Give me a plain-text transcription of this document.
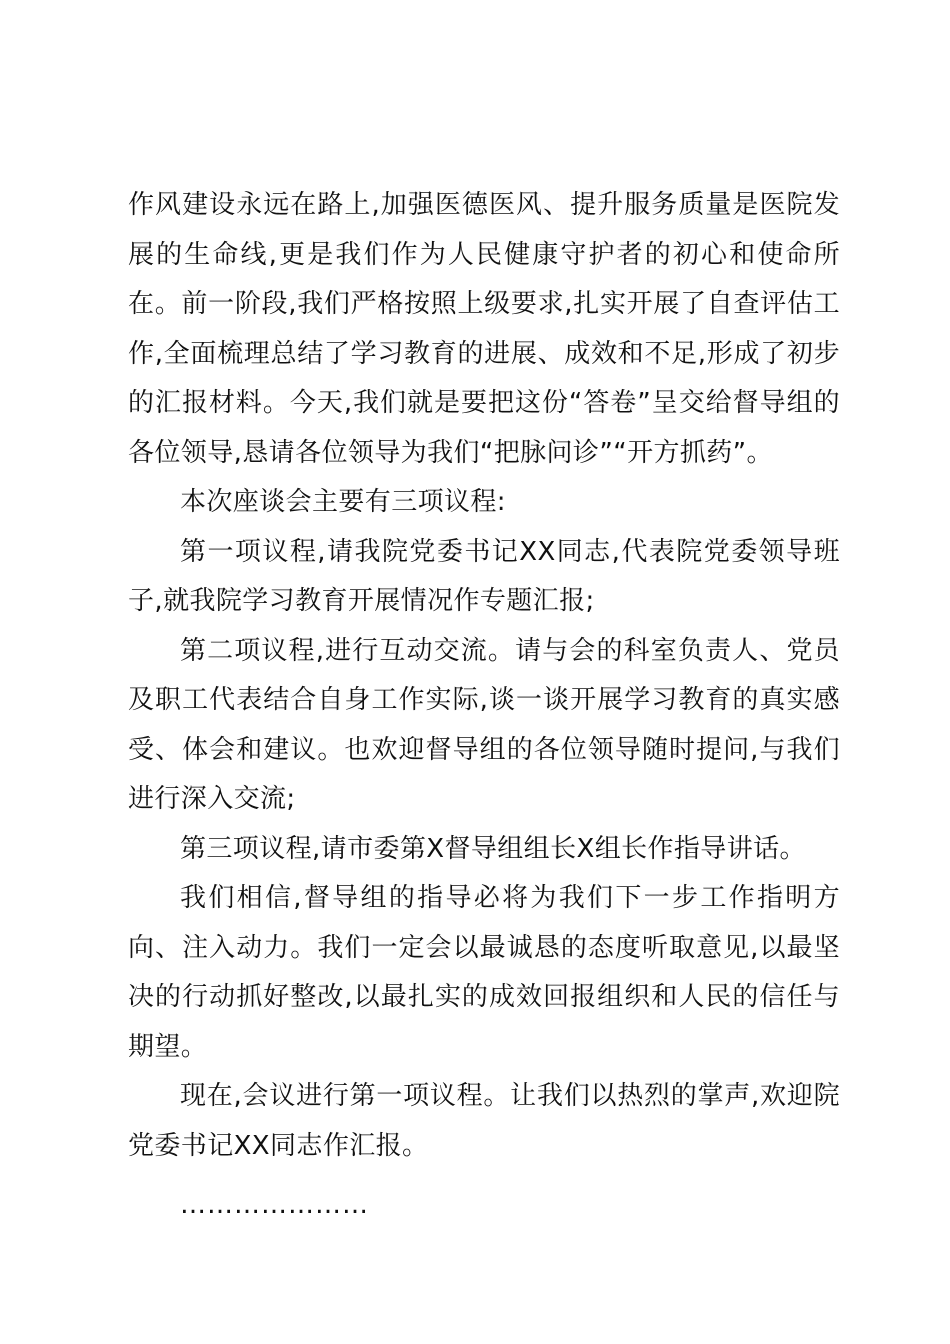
作风建设永远在路上,加强医德医风、提升服务质量是医院发展的生命线,更是我们作为人民健康守护者的初心和使命所在。前一阶段,我们严格按照上级要求,扎实开展了自查评估工作,全面梳理总结了学习教育的进展、成效和不足,形成了初步的汇报材料。今天,我们就是要把这份“答卷”呈交给督导组的各位领导,恳请各位领导为我们“把脉问诊”“开方抓药”。

本次座谈会主要有三项议程:

第一项议程,请我院党委书记XX同志,代表院党委领导班子,就我院学习教育开展情况作专题汇报;

第二项议程,进行互动交流。请与会的科室负责人、党员及职工代表结合自身工作实际,谈一谈开展学习教育的真实感受、体会和建议。也欢迎督导组的各位领导随时提问,与我们进行深入交流;

第三项议程,请市委第X督导组组长X组长作指导讲话。

我们相信,督导组的指导必将为我们下一步工作指明方向、注入动力。我们一定会以最诚恳的态度听取意见,以最坚决的行动抓好整改,以最扎实的成效回报组织和人民的信任与期望。

现在,会议进行第一项议程。让我们以热烈的掌声,欢迎院党委书记XX同志作汇报。

…………………
